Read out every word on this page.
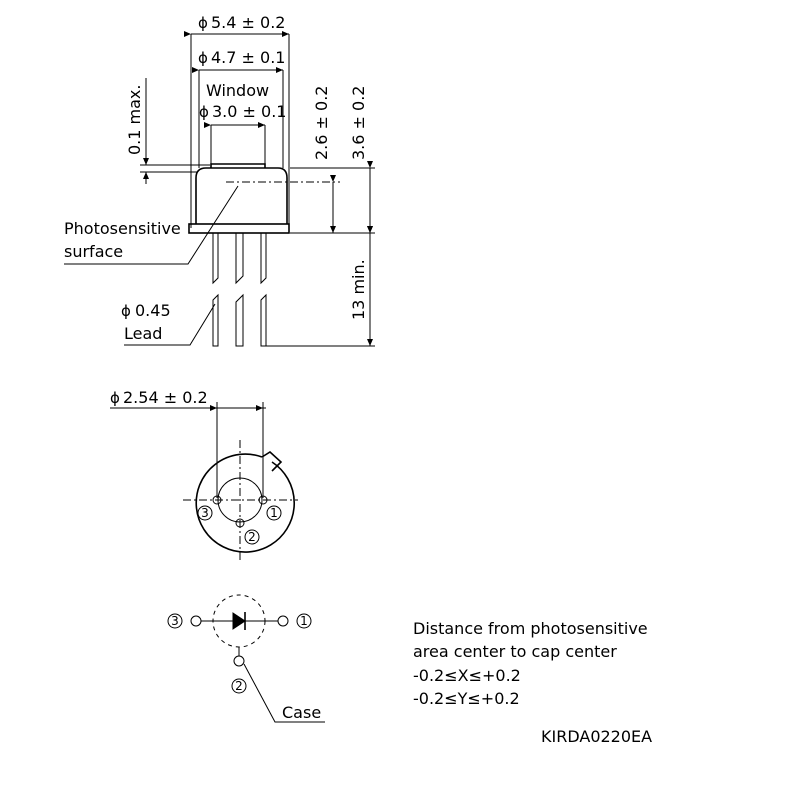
ϕ 5.4 ± 0.2
ϕ 4.7 ± 0.1
Window
ϕ 3.0 ± 0.1
0.1 max.	2.6 ± 0.2 3.6 ± 0.2
13 min.
Photosensitive
surface
ϕ 0.45
Lead
ϕ 2.54 ± 0.2
3	1
2
3	1
2
Case
Distance from photosensitive
area center to cap center
-0.2≤X≤+0.2
-0.2≤Y≤+0.2
KIRDA0220EA
